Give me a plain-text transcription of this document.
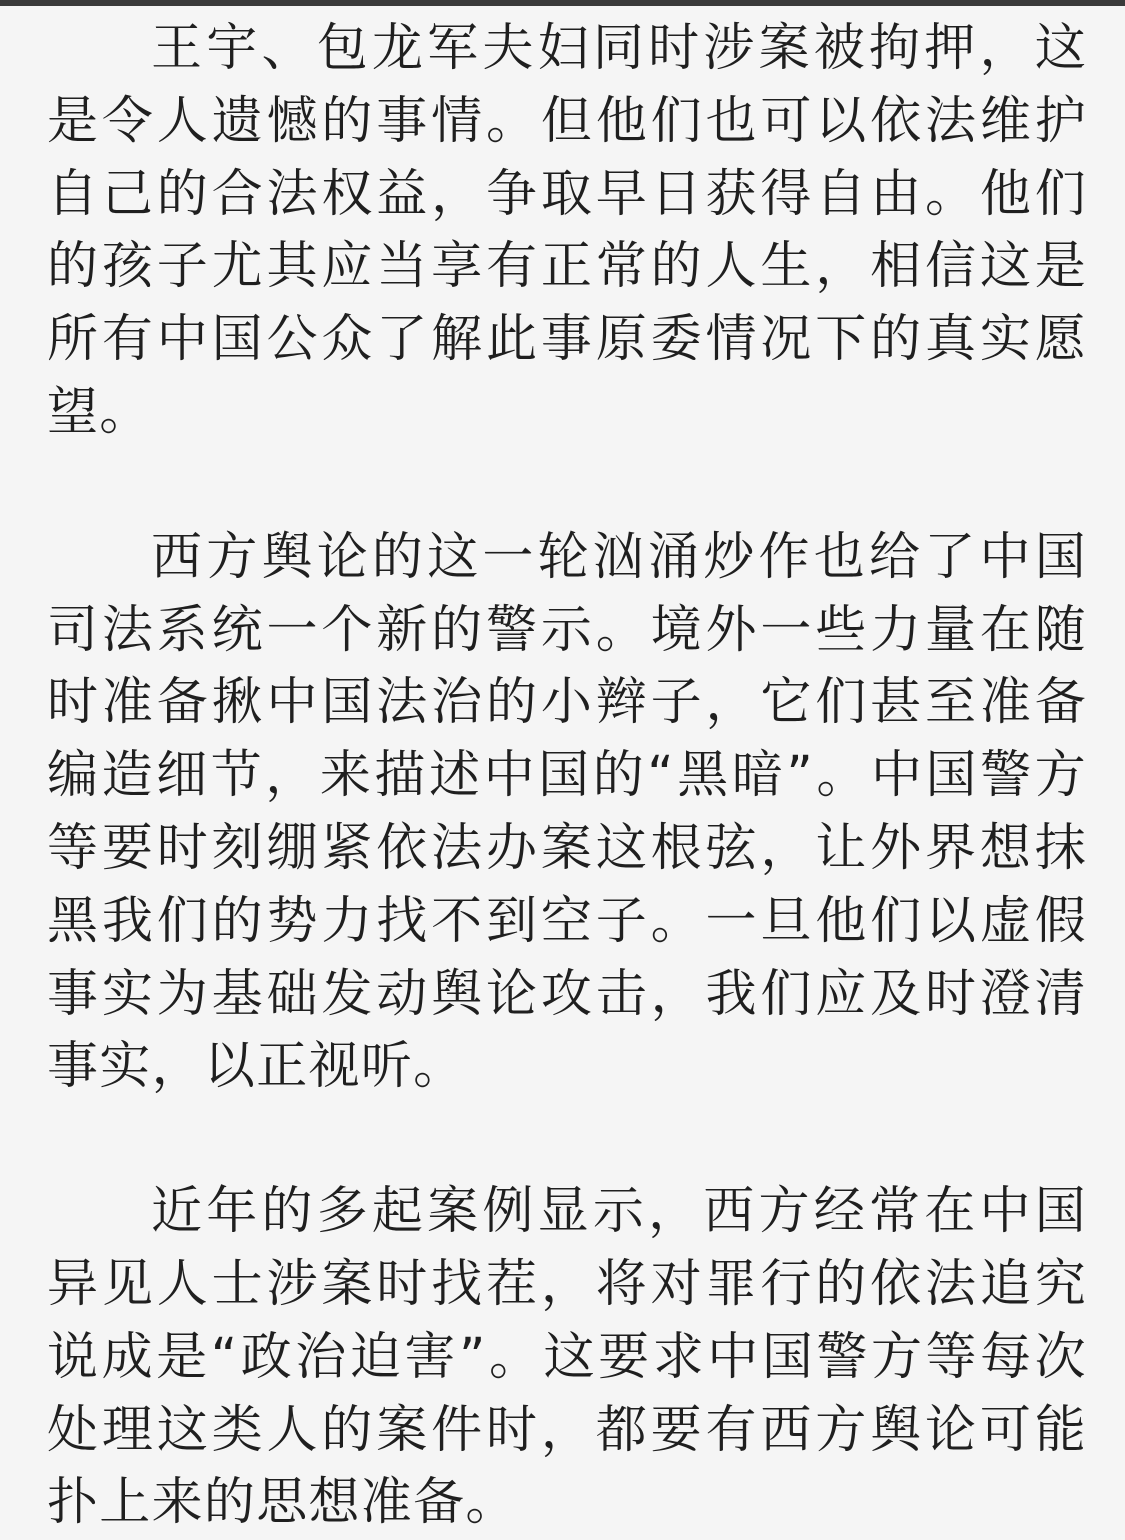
王宇、包龙军夫妇同时涉案被拘押，这是令人遗憾的事情。但他们也可以依法维护自己的合法权益，争取早日获得自由。他们的孩子尤其应当享有正常的人生，相信这是所有中国公众了解此事原委情况下的真实愿望。

西方舆论的这一轮汹涌炒作也给了中国司法系统一个新的警示。境外一些力量在随时准备揪中国法治的小辫子，它们甚至准备编造细节，来描述中国的“黑暗”。中国警方等要时刻绷紧依法办案这根弦，让外界想抹黑我们的势力找不到空子。一旦他们以虚假事实为基础发动舆论攻击，我们应及时澄清事实，以正视听。

近年的多起案例显示，西方经常在中国异见人士涉案时找茬，将对罪行的依法追究说成是“政治迫害”。这要求中国警方等每次处理这类人的案件时，都要有西方舆论可能扑上来的思想准备。
